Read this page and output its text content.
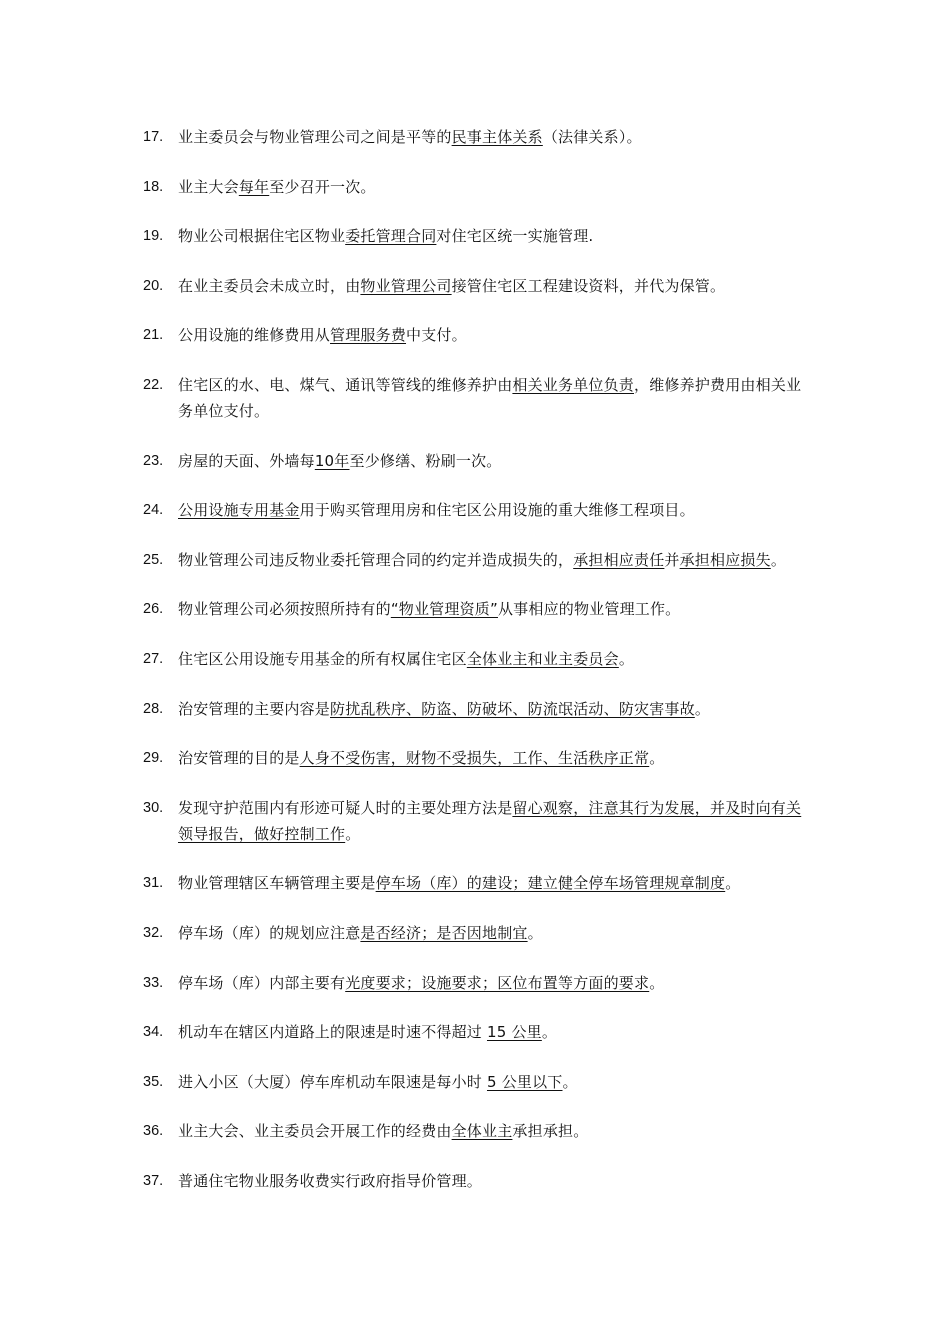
17. 业主委员会与物业管理公司之间是平等的民事主体关系（法律关系）。
18. 业主大会每年至少召开一次。
19. 物业公司根据住宅区物业委托管理合同对住宅区统一实施管理.
20. 在业主委员会未成立时，由物业管理公司接管住宅区工程建设资料，并代为保管。
21. 公用设施的维修费用从管理服务费中支付。
22. 住宅区的水、电、煤气、通讯等管线的维修养护由相关业务单位负责，维修养护费用由相关业务单位支付。
23. 房屋的天面、外墙每10年至少修缮、粉刷一次。
24. 公用设施专用基金用于购买管理用房和住宅区公用设施的重大维修工程项目。
25. 物业管理公司违反物业委托管理合同的约定并造成损失的，承担相应责任并承担相应损失。
26. 物业管理公司必须按照所持有的“物业管理资质”从事相应的物业管理工作。
27. 住宅区公用设施专用基金的所有权属住宅区全体业主和业主委员会。
28. 治安管理的主要内容是防扰乱秩序、防盗、防破坏、防流氓活动、防灾害事故。
29. 治安管理的目的是人身不受伤害，财物不受损失，工作、生活秩序正常。
30. 发现守护范围内有形迹可疑人时的主要处理方法是留心观察，注意其行为发展，并及时向有关领导报告，做好控制工作。
31. 物业管理辖区车辆管理主要是停车场（库）的建设；建立健全停车场管理规章制度。
32. 停车场（库）的规划应注意是否经济；是否因地制宜。
33. 停车场（库）内部主要有光度要求；设施要求；区位布置等方面的要求。
34. 机动车在辖区内道路上的限速是时速不得超过 15 公里。
35. 进入小区（大厦）停车库机动车限速是每小时 5 公里以下。
36. 业主大会、业主委员会开展工作的经费由全体业主承担承担。
37. 普通住宅物业服务收费实行政府指导价管理。
